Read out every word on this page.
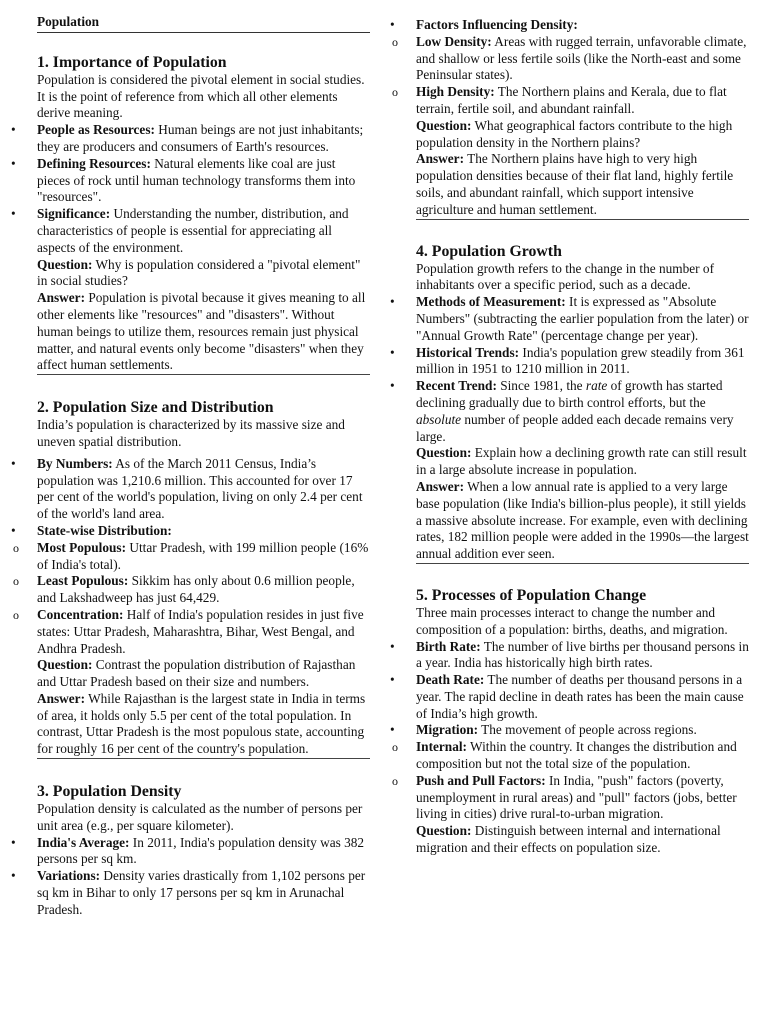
Population
1. Importance of Population

Population is considered the pivotal element in social studies. It is the point of reference from which all other elements derive meaning.

• People as Resources: Human beings are not just inhabitants; they are producers and consumers of Earth's resources.

• Defining Resources: Natural elements like coal are just pieces of rock until human technology transforms them into "resources".

• Significance: Understanding the number, distribution, and characteristics of people is essential for appreciating all aspects of the environment.

Question: Why is population considered a "pivotal element" in social studies?

Answer: Population is pivotal because it gives meaning to all other elements like "resources" and "disasters". Without human beings to utilize them, resources remain just physical matter, and natural events only become "disasters" when they affect human settlements.

2. Population Size and Distribution

India’s population is characterized by its massive size and uneven spatial distribution.

• By Numbers: As of the March 2011 Census, India’s population was 1,210.6 million. This accounted for over 17 per cent of the world's population, living on only 2.4 per cent of the world's land area.

• State-wise Distribution:

o Most Populous: Uttar Pradesh, with 199 million people (16% of India's total).

o Least Populous: Sikkim has only about 0.6 million people, and Lakshadweep has just 64,429.

o Concentration: Half of India's population resides in just five states: Uttar Pradesh, Maharashtra, Bihar, West Bengal, and Andhra Pradesh.

Question: Contrast the population distribution of Rajasthan and Uttar Pradesh based on their size and numbers.

Answer: While Rajasthan is the largest state in India in terms of area, it holds only 5.5 per cent of the total population. In contrast, Uttar Pradesh is the most populous state, accounting for roughly 16 per cent of the country's population.

3. Population Density

Population density is calculated as the number of persons per unit area (e.g., per square kilometer).

• India's Average: In 2011, India's population density was 382 persons per sq km.

• Variations: Density varies drastically from 1,102 persons per sq km in Bihar to only 17 persons per sq km in Arunachal Pradesh.

• Factors Influencing Density:

o Low Density: Areas with rugged terrain, unfavorable climate, and shallow or less fertile soils (like the North-east and some Peninsular states).

o High Density: The Northern plains and Kerala, due to flat terrain, fertile soil, and abundant rainfall.

Question: What geographical factors contribute to the high population density in the Northern plains?

Answer: The Northern plains have high to very high population densities because of their flat land, highly fertile soils, and abundant rainfall, which support intensive agriculture and human settlement.

4. Population Growth

Population growth refers to the change in the number of inhabitants over a specific period, such as a decade.

• Methods of Measurement: It is expressed as "Absolute Numbers" (subtracting the earlier population from the later) or "Annual Growth Rate" (percentage change per year).

• Historical Trends: India's population grew steadily from 361 million in 1951 to 1210 million in 2011.

• Recent Trend: Since 1981, the rate of growth has started declining gradually due to birth control efforts, but the absolute number of people added each decade remains very large.

Question: Explain how a declining growth rate can still result in a large absolute increase in population.

Answer: When a low annual rate is applied to a very large base population (like India's billion-plus people), it still yields a massive absolute increase. For example, even with declining rates, 182 million people were added in the 1990s—the largest annual addition ever seen.

5. Processes of Population Change

Three main processes interact to change the number and composition of a population: births, deaths, and migration.

• Birth Rate: The number of live births per thousand persons in a year. India has historically high birth rates.

• Death Rate: The number of deaths per thousand persons in a year. The rapid decline in death rates has been the main cause of India’s high growth.

• Migration: The movement of people across regions.

o Internal: Within the country. It changes the distribution and composition but not the total size of the population.

o Push and Pull Factors: In India, "push" factors (poverty, unemployment in rural areas) and "pull" factors (jobs, better living in cities) drive rural-to-urban migration.

Question: Distinguish between internal and international migration and their effects on population size.
